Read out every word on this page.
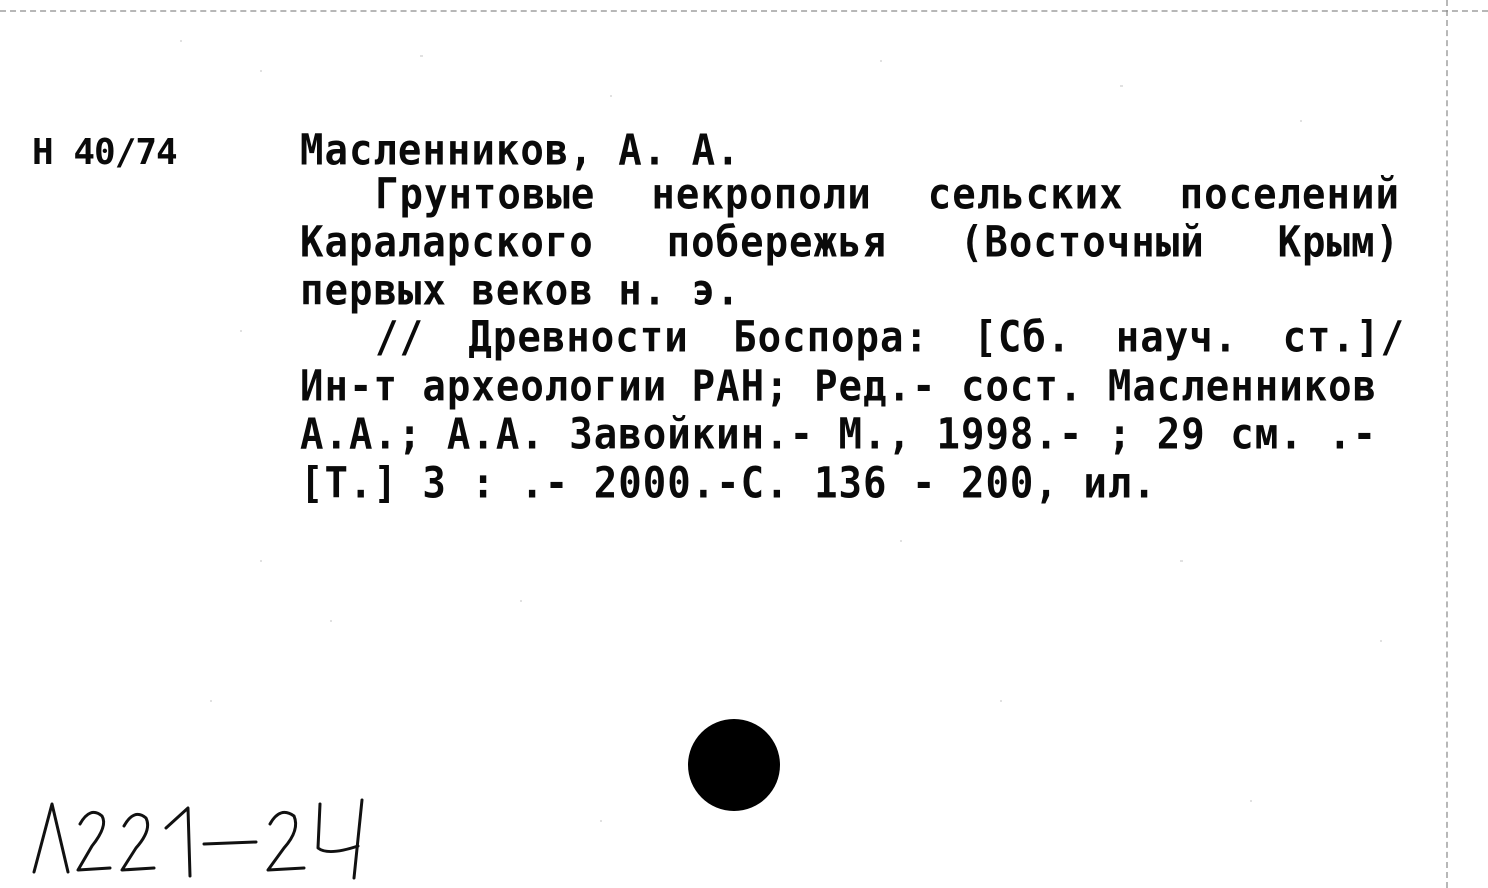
Н 40/74	Масленников, А. А.
Грунтовые некрополи сельских поселений
Караларского побережья (Восточный Крым)
первых веков н. э.
// Древности Боспора: [Сб. науч. ст.]/
Ин-т археологии РАН; Ред.- сост. Масленников
А.А.; А.А. Завойкин.- М., 1998.- ; 29 см. .-
[Т.] 3 : .- 2000.-С. 136 - 200, ил.
